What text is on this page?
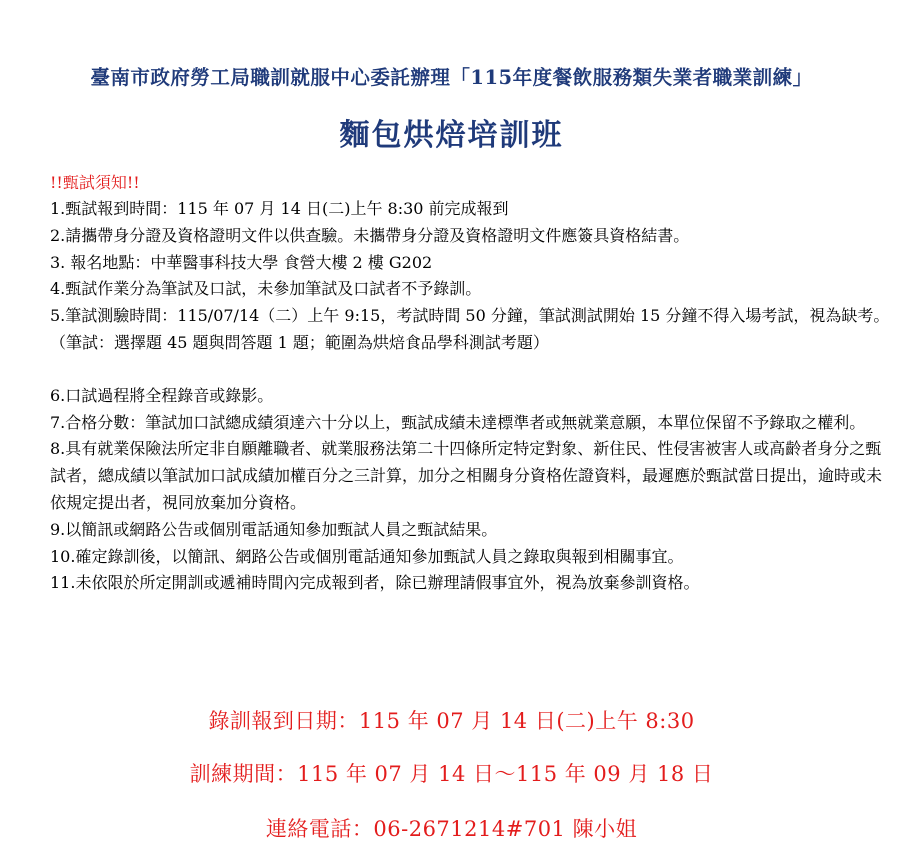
臺南市政府勞工局職訓就服中心委託辦理「115年度餐飲服務類失業者職業訓練」
麵包烘焙培訓班
!!甄試須知!!

1.甄試報到時間：115 年 07 月 14 日(二)上午 8:30 前完成報到

2.請攜帶身分證及資格證明文件以供查驗。未攜帶身分證及資格證明文件應簽具資格結書。

3. 報名地點：中華醫事科技大學 食營大樓 2 樓 G202

4.甄試作業分為筆試及口試，未參加筆試及口試者不予錄訓。

5.筆試測驗時間：115/07/14（二）上午 9:15，考試時間 50 分鐘，筆試測試開始 15 分鐘不得入場考試，視為缺考。

（筆試：選擇題 45 題與問答題 1 題；範圍為烘焙食品學科測試考題）

6.口試過程將全程錄音或錄影。

7.合格分數：筆試加口試總成績須達六十分以上，甄試成績未達標準者或無就業意願，本單位保留不予錄取之權利。

8.具有就業保險法所定非自願離職者、就業服務法第二十四條所定特定對象、新住民、性侵害被害人或高齡者身分之甄試者，總成績以筆試加口試成績加權百分之三計算，加分之相關身分資格佐證資料，最遲應於甄試當日提出，逾時或未依規定提出者，視同放棄加分資格。

9.以簡訊或網路公告或個別電話通知參加甄試人員之甄試結果。

10.確定錄訓後，以簡訊、網路公告或個別電話通知參加甄試人員之錄取與報到相關事宜。

11.未依限於所定開訓或遞補時間內完成報到者，除已辦理請假事宜外，視為放棄參訓資格。

錄訓報到日期：115 年 07 月 14 日(二)上午 8:30
訓練期間：115 年 07 月 14 日～115 年 09 月 18 日
連絡電話：06-2671214#701 陳小姐
